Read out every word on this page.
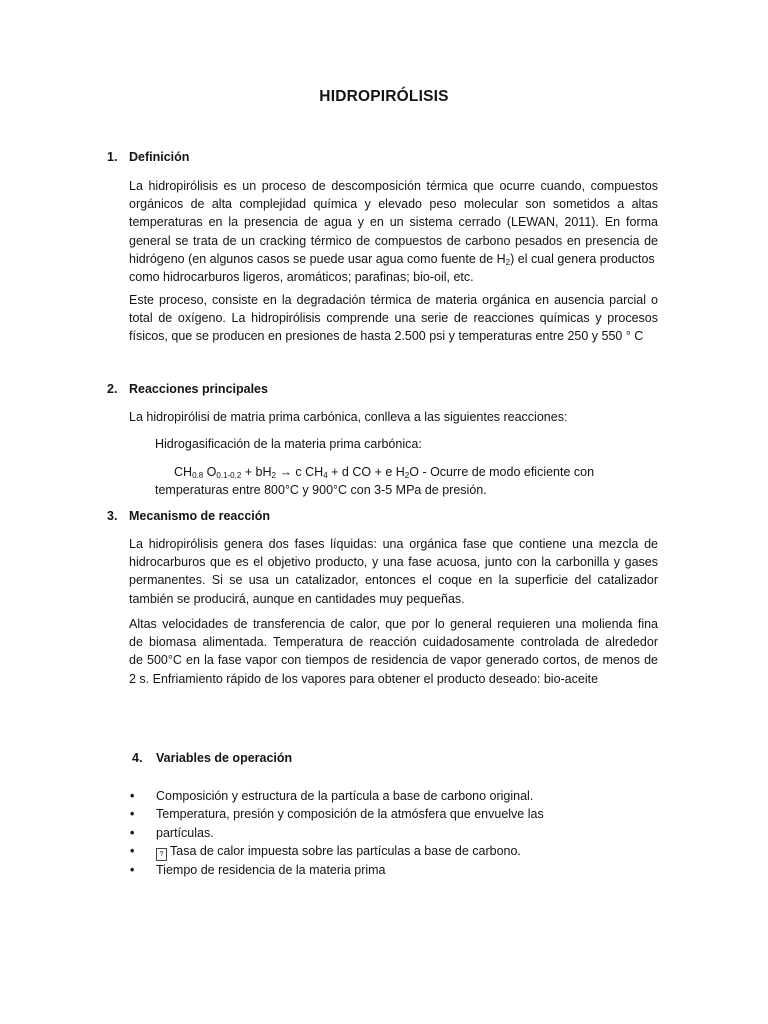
HIDROPIRÓLISIS
1. Definición
La hidropirólisis es un proceso de descomposición térmica que ocurre cuando, compuestos
orgánicos de alta complejidad química y elevado peso molecular son sometidos a altas
temperaturas en la presencia de agua y en un sistema cerrado (LEWAN, 2011). En forma
general se trata de un cracking térmico de compuestos de carbono pesados en presencia de
hidrógeno (en algunos casos se puede usar agua como fuente de $H_2$) el cual genera productos
como hidrocarburos ligeros, aromáticos; parafinas; bio-oil, etc.
Este proceso, consiste en la degradación térmica de materia orgánica en ausencia parcial o
total de oxígeno. La hidropirólisis comprende una serie de reacciones químicas y procesos
físicos, que se producen en presiones de hasta 2.500 psi y temperaturas entre 250 y 550 ° C
2. Reacciones principales
La hidropirólisi de matria prima carbónica, conlleva a las siguientes reacciones:
Hidrogasificación de la materia prima carbónica:
$CH_{0.8}$ $O_{0.1-0.2} + bH_2 \to c$ $CH_4 + d$ CO + e $H_2O$ - Ocurre de modo eficiente con
temperaturas entre 800°C y 900°C con 3-5 MPa de presión.
3. Mecanismo de reacción
La hidropirólisis genera dos fases líquidas: una orgánica fase que contiene una mezcla de
hidrocarburos que es el objetivo producto, y una fase acuosa, junto con la carbonilla y gases
permanentes. Si se usa un catalizador, entonces el coque en la superficie del catalizador
también se producirá, aunque en cantidades muy pequeñas.
Altas velocidades de transferencia de calor, que por lo general requieren una molienda fina
de biomasa alimentada. Temperatura de reacción cuidadosamente controlada de alrededor
de 500°C en la fase vapor con tiempos de residencia de vapor generado cortos, de menos de
2 s. Enfriamiento rápido de los vapores para obtener el producto deseado: bio-aceite
4. Variables de operación
• Composición y estructura de la partícula a base de carbono original.
• Temperatura, presión y composición de la atmósfera que envuelve las
• partículas.
•	? Tasa de calor impuesta sobre las partículas a base de carbono.
• Tiempo de residencia de la materia prima
